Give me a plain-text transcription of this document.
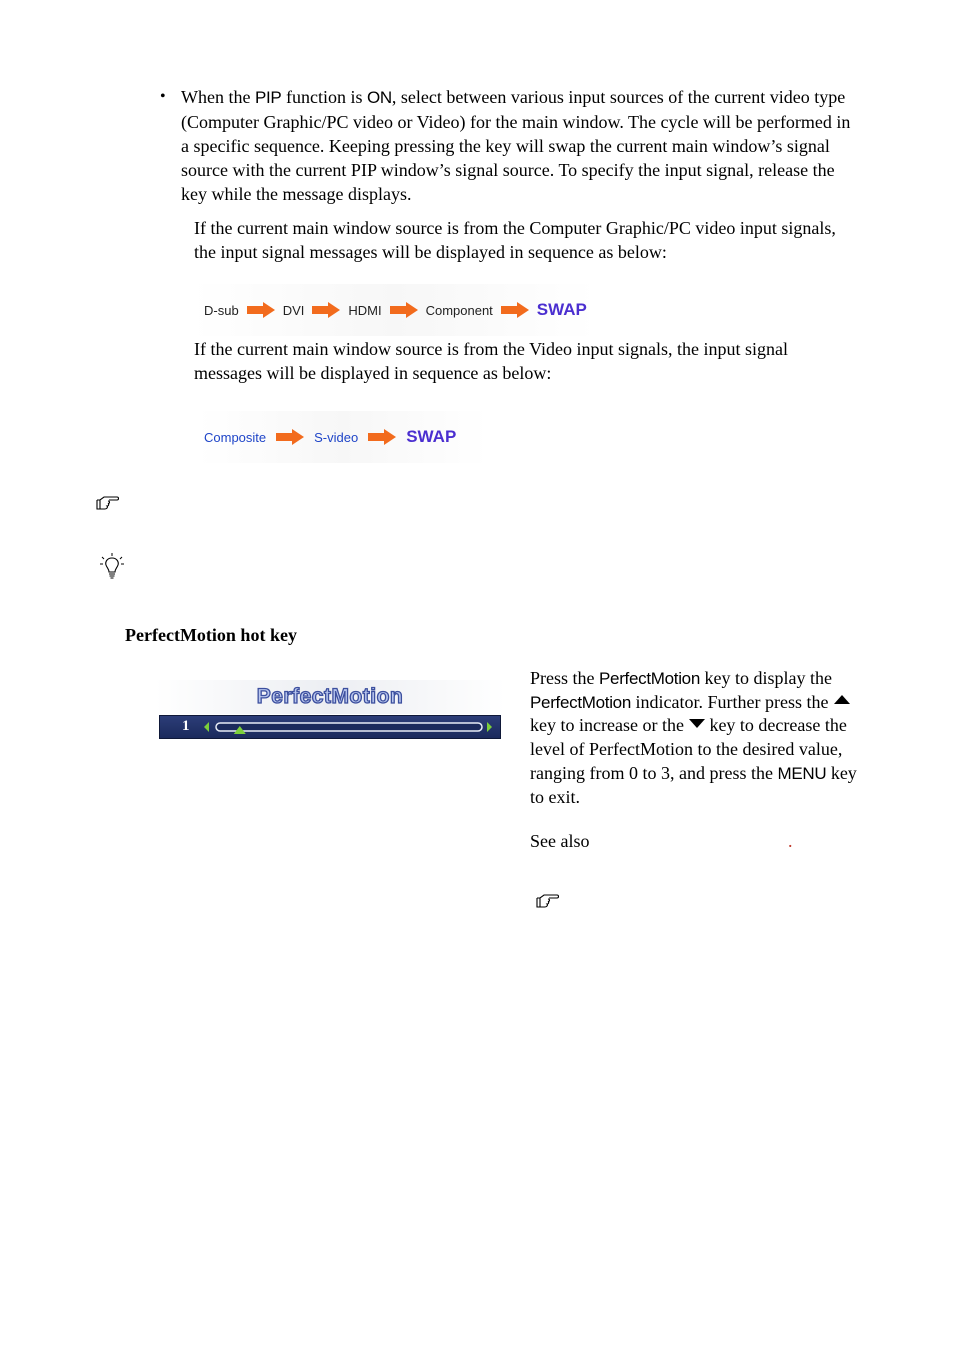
• When the PIP function is ON, select between various input sources of the current video type (Computer Graphic/PC video or Video) for the main window. The cycle will be performed in a specific sequence. Keeping pressing the key will swap the current main window’s signal source with the current PIP window’s signal source. To specify the input signal, release the key while the message displays.
If the current main window source is from the Computer Graphic/PC video input signals, the input signal messages will be displayed in sequence as below:
D-sub	DVI	HDMI	Component	SWAP
If the current main window source is from the Video input signals, the input signal messages will be displayed in sequence as below:
Composite	S-video	SWAP
PerfectMotion hot key
PerfectMotion
1
Press the PerfectMotion key to display the PerfectMotion indicator. Further press the key to increase or the key to decrease the level of PerfectMotion to the desired value, ranging from 0 to 3, and press the MENU key to exit.
See also	.
